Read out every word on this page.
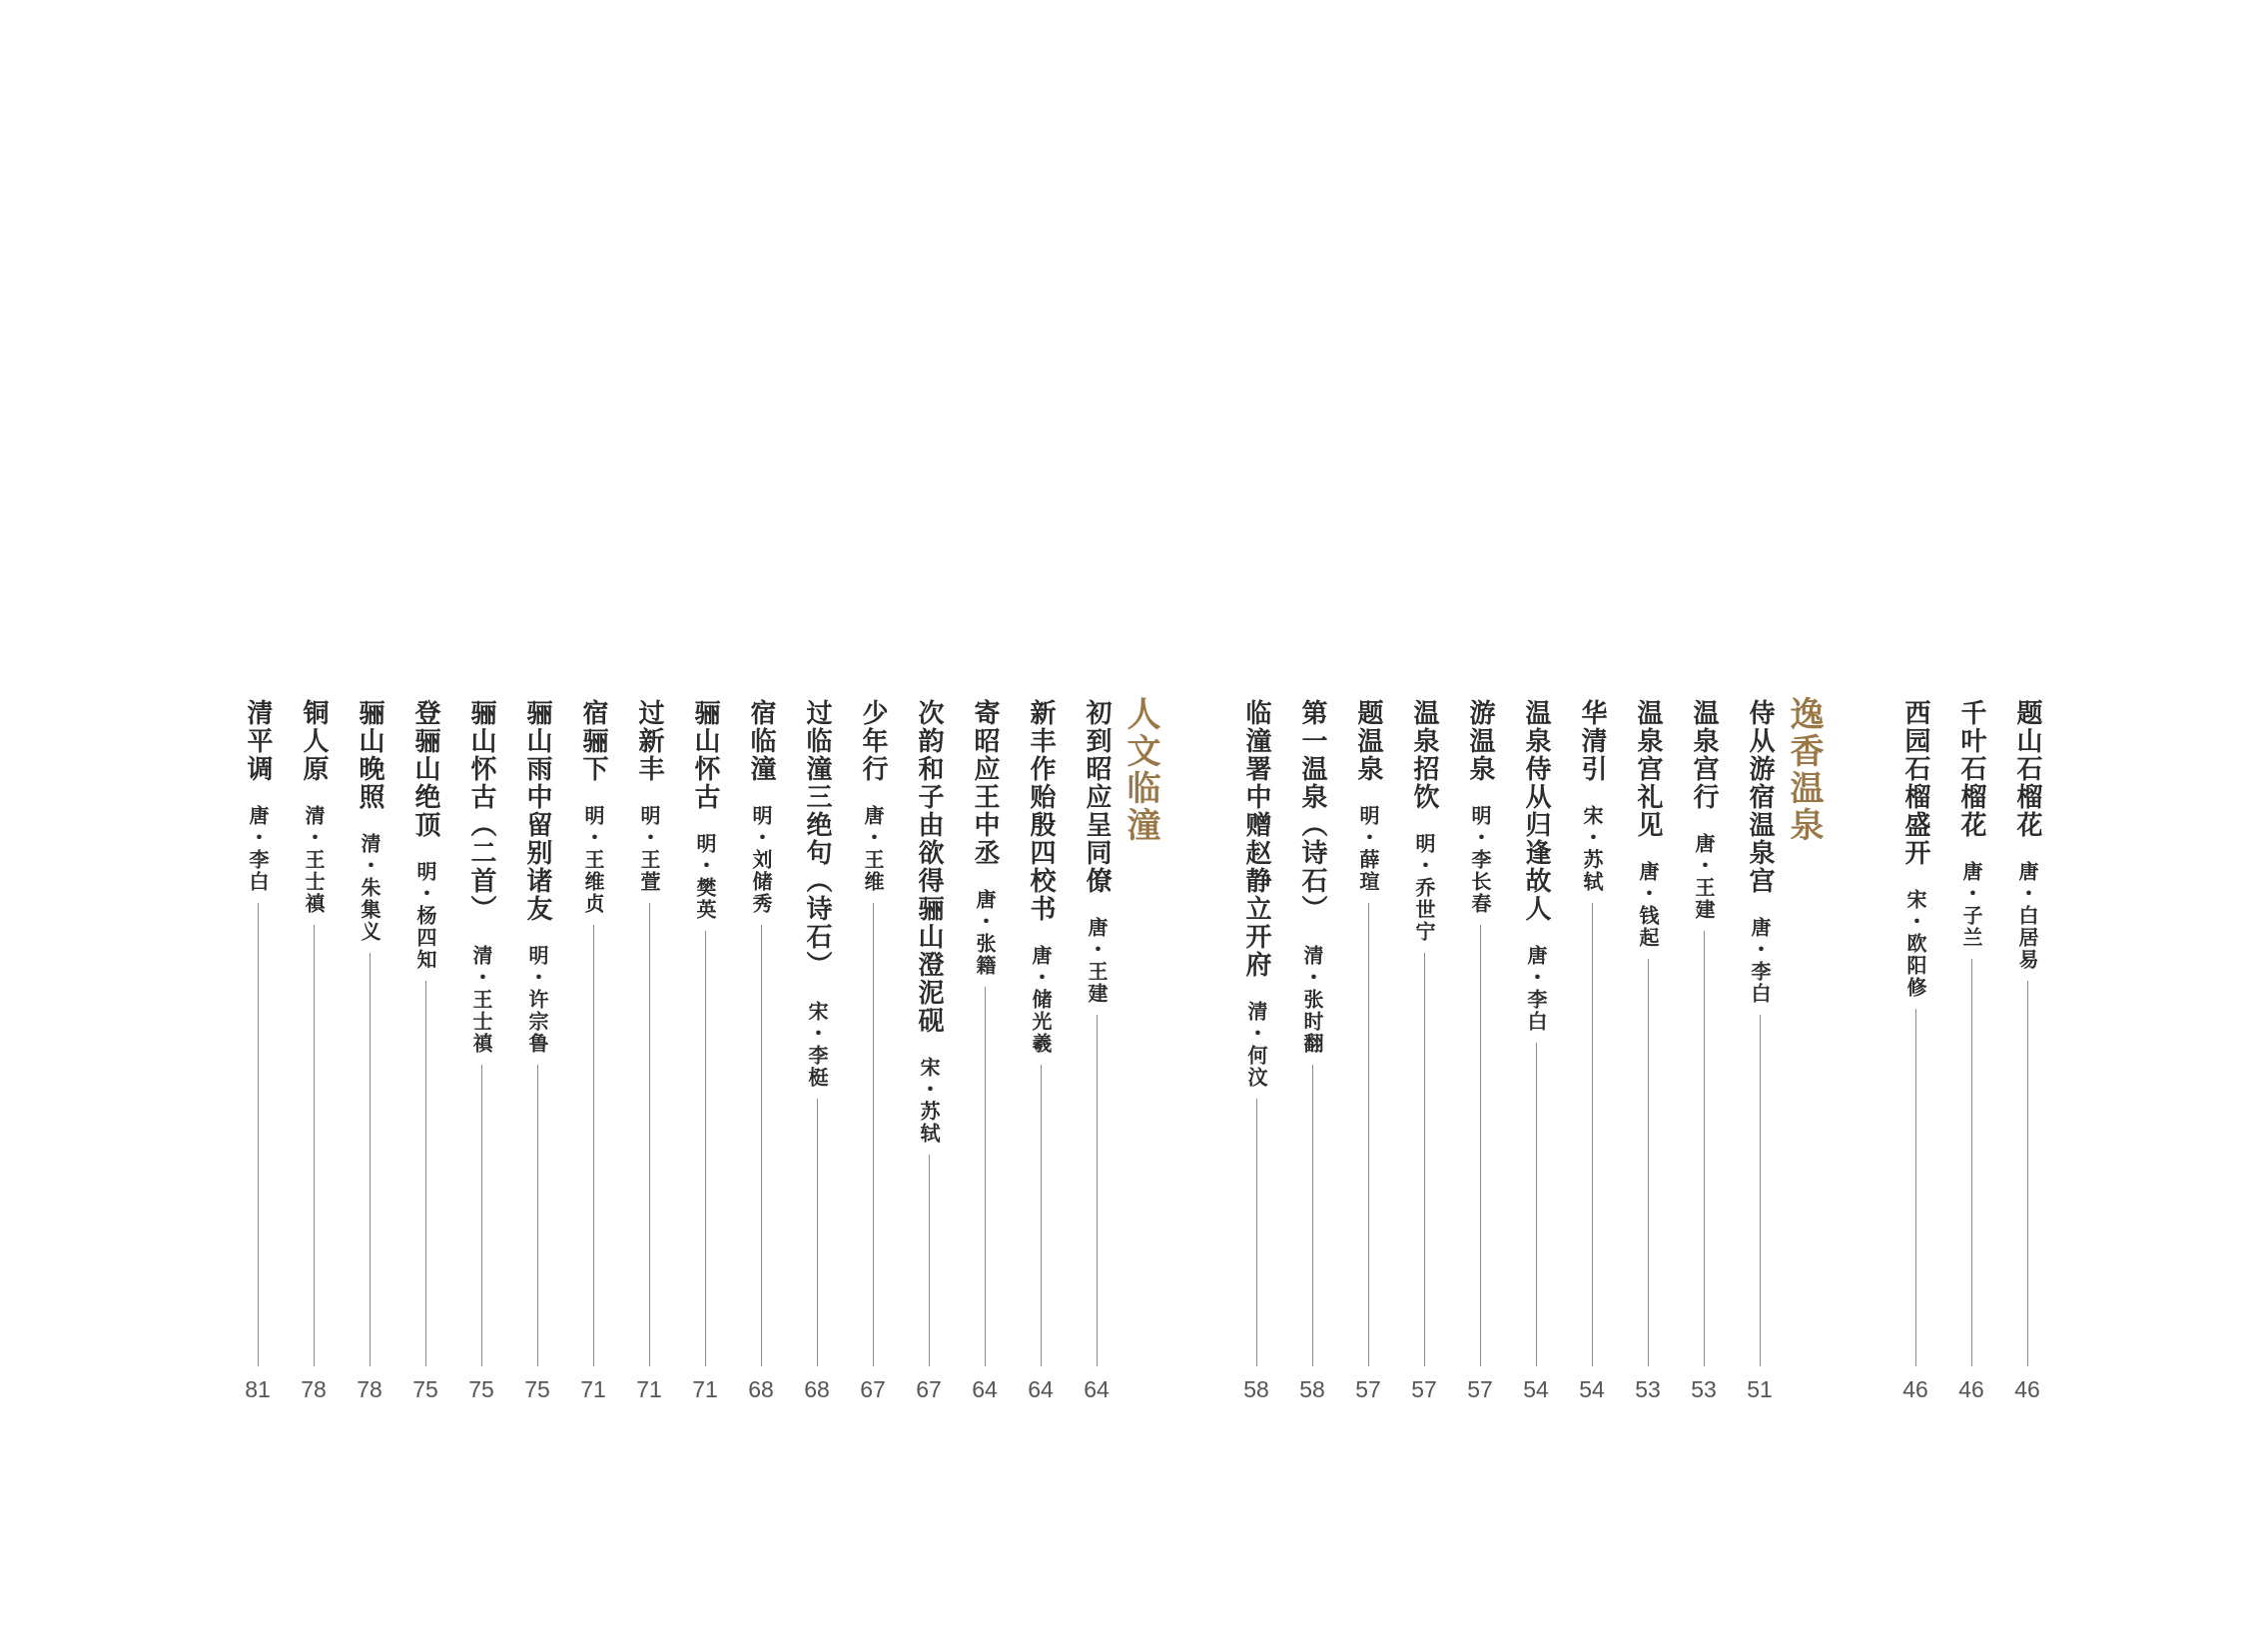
逸香温泉
人文临潼	题山石榴花
唐・白居易
46
千叶石榴花
唐・子兰
46
西园石榴盛开
宋・欧阳修
46
侍从游宿温泉宫
唐・李白
51
温泉宫行
唐・王建
53
温泉宫礼见
唐・钱起
53
华清引
宋・苏轼
54
温泉侍从归逢故人
唐・李白
54
游温泉
明・李长春
57
温泉招饮
明・乔世宁
57
题温泉
明・薛瑄
57
第一温泉（诗石）
清・张时翻
58
临潼署中赠赵静立开府
清・何汶
58
初到昭应呈同僚
唐・王建
64
新丰作贻殷四校书
唐・储光羲
64
寄昭应王中丞
唐・张籍
64
次韵和子由欲得骊山澄泥砚
宋・苏轼
67
少年行
唐・王维
67
过临潼三绝句（诗石）
宋・李梃
68
宿临潼
明・刘储秀
68
骊山怀古
明・樊英
71
过新丰
明・王萱
71
宿骊下
明・王维贞
71
骊山雨中留别诸友
明・许宗鲁
75
骊山怀古（二首）
清・王士禛
75
登骊山绝顶
明・杨四知
75
骊山晚照
清・朱集义
78
铜人原
清・王士禛
78
清平调
唐・李白
81
